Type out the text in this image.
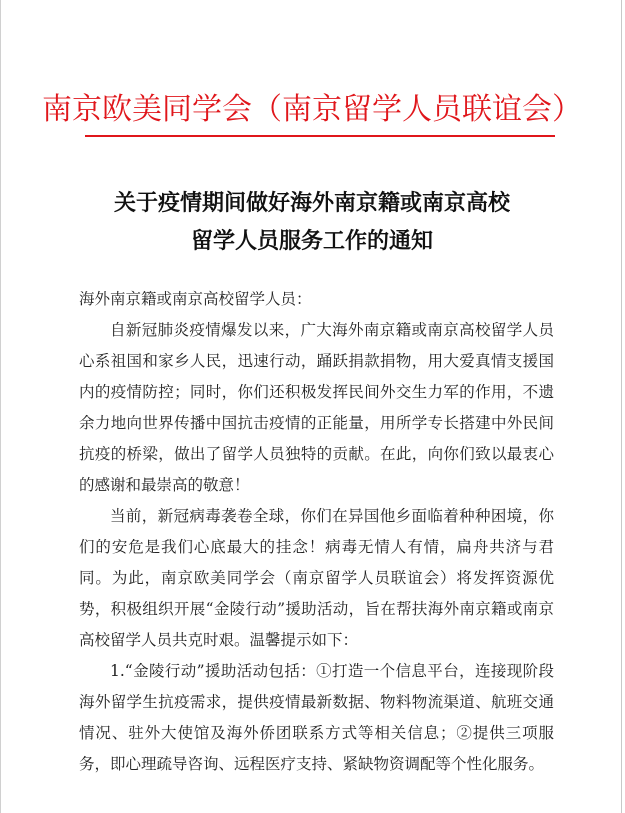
南京欧美同学会（南京留学人员联谊会）
关于疫情期间做好海外南京籍或南京高校
留学人员服务工作的通知

海外南京籍或南京高校留学人员：

自新冠肺炎疫情爆发以来，广大海外南京籍或南京高校留学人员心系祖国和家乡人民，迅速行动，踊跃捐款捐物，用大爱真情支援国内的疫情防控；同时，你们还积极发挥民间外交生力军的作用，不遗余力地向世界传播中国抗击疫情的正能量，用所学专长搭建中外民间抗疫的桥梁，做出了留学人员独特的贡献。在此，向你们致以最衷心的感谢和最崇高的敬意！

当前，新冠病毒袭卷全球，你们在异国他乡面临着种种困境，你们的安危是我们心底最大的挂念！病毒无情人有情，扁舟共济与君同。为此，南京欧美同学会（南京留学人员联谊会）将发挥资源优势，积极组织开展“金陵行动”援助活动，旨在帮扶海外南京籍或南京高校留学人员共克时艰。温馨提示如下：

1.“金陵行动”援助活动包括：①打造一个信息平台，连接现阶段海外留学生抗疫需求，提供疫情最新数据、物料物流渠道、航班交通情况、驻外大使馆及海外侨团联系方式等相关信息；②提供三项服务，即心理疏导咨询、远程医疗支持、紧缺物资调配等个性化服务。
